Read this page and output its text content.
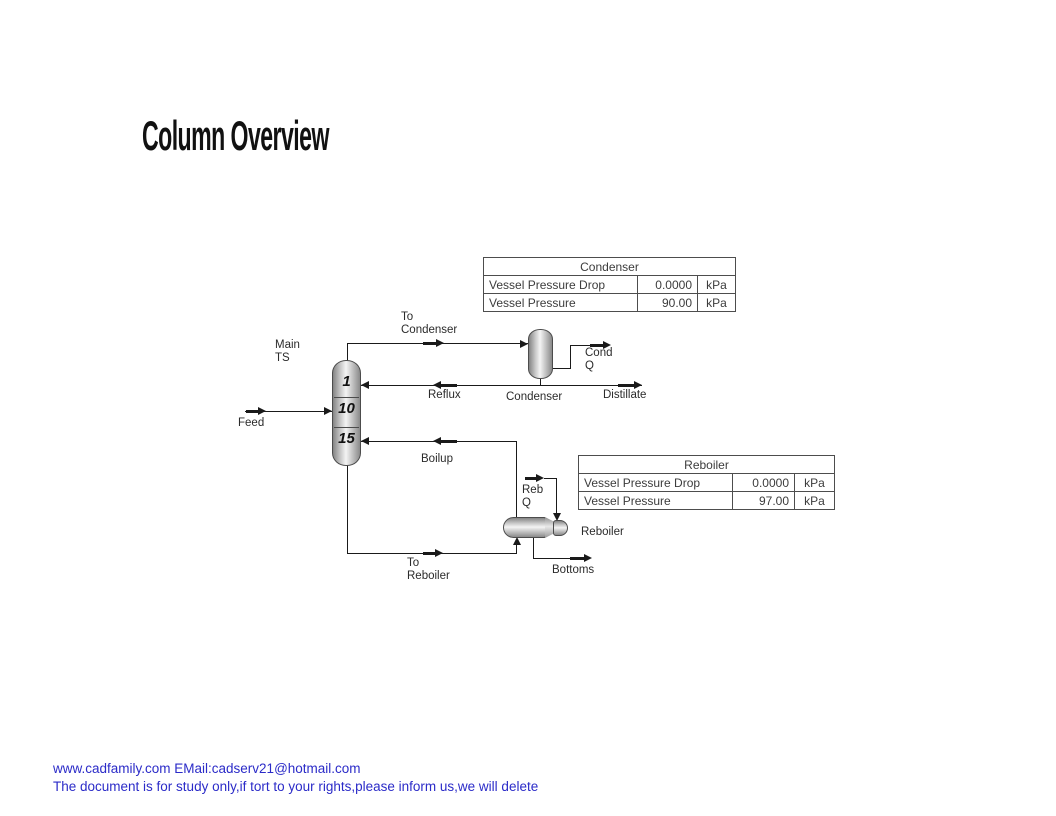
Column Overview
Condenser		
Vessel Pressure Drop	0.0000	kPa
Vessel Pressure	90.00	kPa
Reboiler		
Vessel Pressure Drop	0.0000	kPa
Vessel Pressure	97.00	kPa
1
10
15
Main
TS
Feed
To
Condenser
Reflux	Condenser	Distillate
Cond
Q
Boilup
Reb
Q
Reboiler
To
Reboiler	Bottoms
www.cadfamily.com EMail:cadserv21@hotmail.com
The document is for study only,if tort to your rights,please inform us,we will delete
